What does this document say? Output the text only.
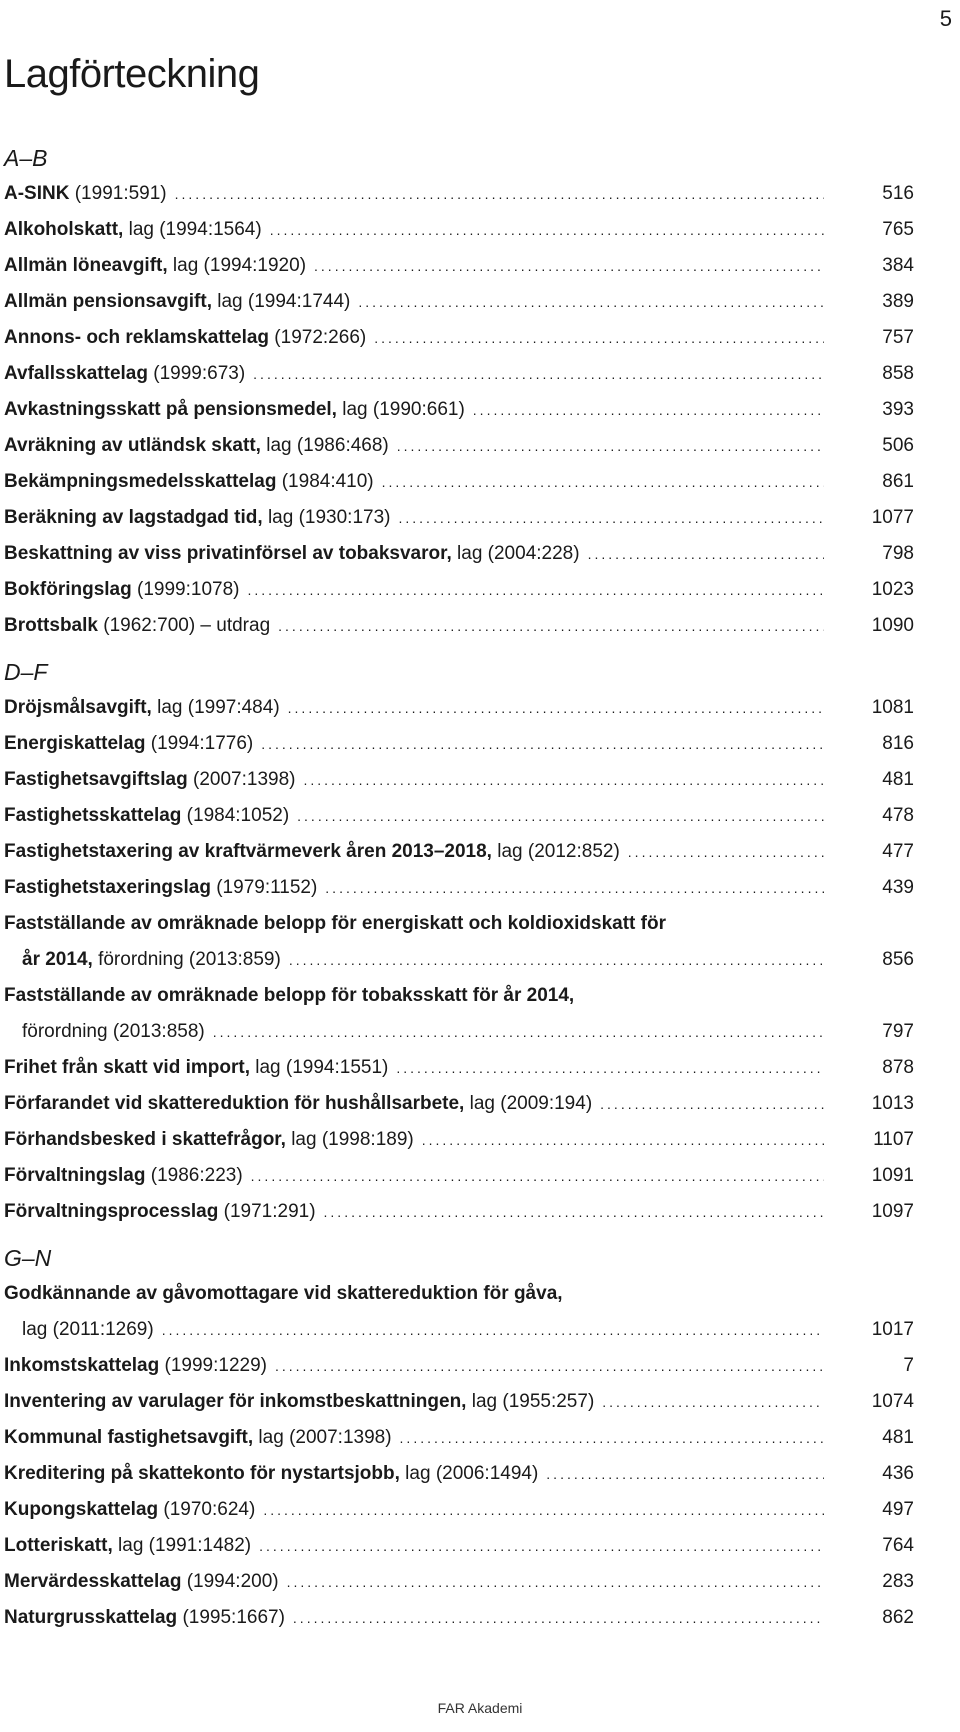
5
Lagförteckning
A–B
A-SINK (1991:591) .....	516
Alkoholskatt, lag (1994:1564) .....	765
Allmän löneavgift, lag (1994:1920) .....	384
Allmän pensionsavgift, lag (1994:1744) .....	389
Annons- och reklamskattelag (1972:266) .....	757
Avfallsskattelag (1999:673) .....	858
Avkastningsskatt på pensionsmedel, lag (1990:661) .....	393
Avräkning av utländsk skatt, lag (1986:468) .....	506
Bekämpningsmedelsskattelag (1984:410) .....	861
Beräkning av lagstadgad tid, lag (1930:173) .....	1077
Beskattning av viss privatinförsel av tobaksvaror, lag (2004:228) .....	798
Bokföringslag (1999:1078) .....	1023
Brottsbalk (1962:700) – utdrag .....	1090
D–F
Dröjsmålsavgift, lag (1997:484) .....	1081
Energiskattelag (1994:1776) .....	816
Fastighetsavgiftslag (2007:1398) .....	481
Fastighetsskattelag (1984:1052) .....	478
Fastighetstaxering av kraftvärmeverk åren 2013–2018, lag (2012:852) .....	477
Fastighetstaxeringslag (1979:1152) .....	439
Fastställande av omräknade belopp för energiskatt och koldioxidskatt för
år 2014, förordning (2013:859) .....	856
Fastställande av omräknade belopp för tobaksskatt för år 2014,
förordning (2013:858) .....	797
Frihet från skatt vid import, lag (1994:1551) .....	878
Förfarandet vid skattereduktion för hushållsarbete, lag (2009:194) .....	1013
Förhandsbesked i skattefrågor, lag (1998:189) .....	1107
Förvaltningslag (1986:223) .....	1091
Förvaltningsprocesslag (1971:291) .....	1097
G–N
Godkännande av gåvomottagare vid skattereduktion för gåva,
lag (2011:1269) .....	1017
Inkomstskattelag (1999:1229) .....	7
Inventering av varulager för inkomstbeskattningen, lag (1955:257) .....	1074
Kommunal fastighetsavgift, lag (2007:1398) .....	481
Kreditering på skattekonto för nystartsjobb, lag (2006:1494) .....	436
Kupongskattelag (1970:624) .....	497
Lotteriskatt, lag (1991:1482) .....	764
Mervärdesskattelag (1994:200) .....	283
Naturgrusskattelag (1995:1667) .....	862
FAR Akademi
